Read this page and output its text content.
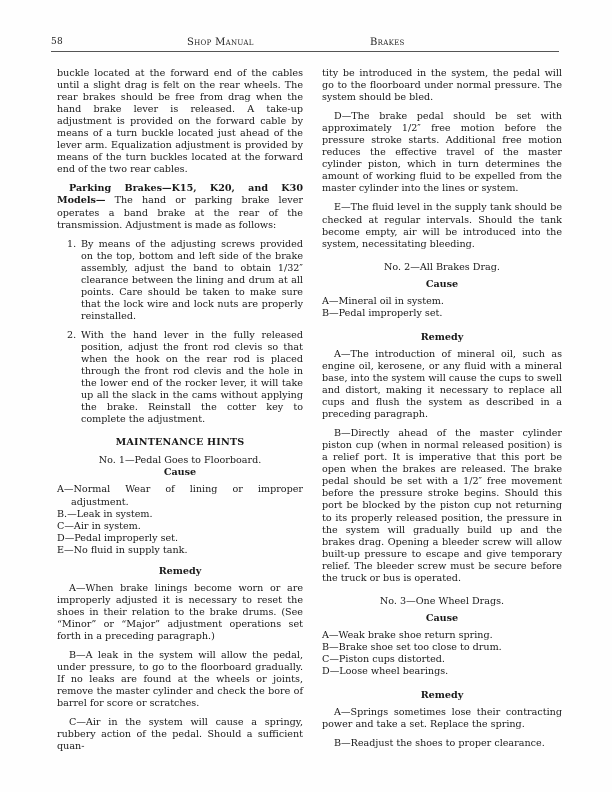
58	Shop Manual	Brakes

buckle located at the forward end of the cables until a slight drag is felt on the rear wheels. The rear brakes should be free from drag when the hand brake lever is released. A take-up adjustment is provided on the forward cable by means of a turn buckle located just ahead of the lever arm. Equalization adjustment is provided by means of the turn buckles located at the forward end of the two rear cables.

Parking Brakes—K15, K20, and K30 Models— The hand or parking brake lever operates a band brake at the rear of the transmission. Adjustment is made as follows:

1. By means of the adjusting screws provided on the top, bottom and left side of the brake assembly, adjust the band to obtain 1/32″ clearance between the lining and drum at all points. Care should be taken to make sure that the lock wire and lock nuts are properly reinstalled.
2. With the hand lever in the fully released position, adjust the front rod clevis so that when the hook on the rear rod is placed through the front rod clevis and the hole in the lower end of the rocker lever, it will take up all the slack in the cams without applying the brake. Reinstall the cotter key to complete the adjustment.
MAINTENANCE HINTS
No. 1—Pedal Goes to Floorboard.
Cause
A—Normal Wear of lining or improper adjustment.
B.—Leak in system.
C—Air in system.
D—Pedal improperly set.
E—No fluid in supply tank.
Remedy

A—When brake linings become worn or are improperly adjusted it is necessary to reset the shoes in their relation to the brake drums. (See “Minor” or “Major” adjustment operations set forth in a preceding paragraph.)

B—A leak in the system will allow the pedal, under pressure, to go to the floorboard gradually. If no leaks are found at the wheels or joints, remove the master cylinder and check the bore of barrel for score or scratches.

C—Air in the system will cause a springy, rubbery action of the pedal. Should a sufficient quan-

tity be introduced in the system, the pedal will go to the floorboard under normal pressure. The system should be bled.

D—The brake pedal should be set with approximately 1/2″ free motion before the pressure stroke starts. Additional free motion reduces the effective travel of the master cylinder piston, which in turn determines the amount of working fluid to be expelled from the master cylinder into the lines or system.

E—The fluid level in the supply tank should be checked at regular intervals. Should the tank become empty, air will be introduced into the system, necessitating bleeding.

No. 2—All Brakes Drag.
Cause
A—Mineral oil in system.
B—Pedal improperly set.
Remedy

A—The introduction of mineral oil, such as engine oil, kerosene, or any fluid with a mineral base, into the system will cause the cups to swell and distort, making it necessary to replace all cups and flush the system as described in a preceding paragraph.

B—Directly ahead of the master cylinder piston cup (when in normal released position) is a relief port. It is imperative that this port be open when the brakes are released. The brake pedal should be set with a 1/2″ free movement before the pressure stroke begins. Should this port be blocked by the piston cup not returning to its properly released position, the pressure in the system will gradually build up and the brakes drag. Opening a bleeder screw will allow built-up pressure to escape and give temporary relief. The bleeder screw must be secure before the truck or bus is operated.

No. 3—One Wheel Drags.
Cause
A—Weak brake shoe return spring.
B—Brake shoe set too close to drum.
C—Piston cups distorted.
D—Loose wheel bearings.
Remedy

A—Springs sometimes lose their contracting power and take a set. Replace the spring.

B—Readjust the shoes to proper clearance.
